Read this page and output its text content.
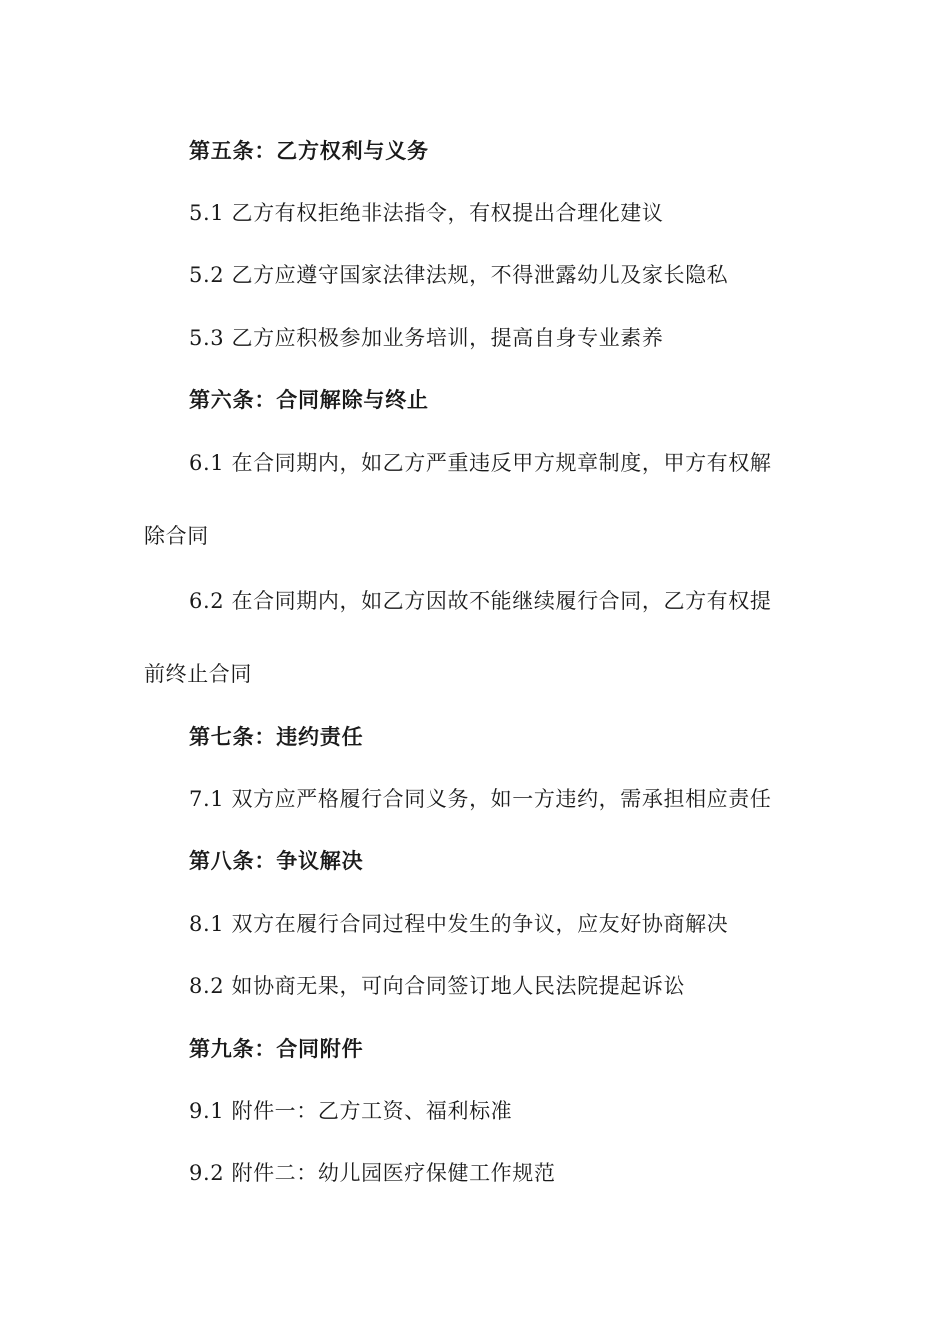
第五条：乙方权利与义务
5.1 乙方有权拒绝非法指令，有权提出合理化建议
5.2 乙方应遵守国家法律法规，不得泄露幼儿及家长隐私
5.3 乙方应积极参加业务培训，提高自身专业素养
第六条：合同解除与终止
6.1 在合同期内，如乙方严重违反甲方规章制度，甲方有权解
除合同
6.2 在合同期内，如乙方因故不能继续履行合同，乙方有权提
前终止合同
第七条：违约责任
7.1 双方应严格履行合同义务，如一方违约，需承担相应责任
第八条：争议解决
8.1 双方在履行合同过程中发生的争议，应友好协商解决
8.2 如协商无果，可向合同签订地人民法院提起诉讼
第九条：合同附件
9.1 附件一：乙方工资、福利标准
9.2 附件二：幼儿园医疗保健工作规范
